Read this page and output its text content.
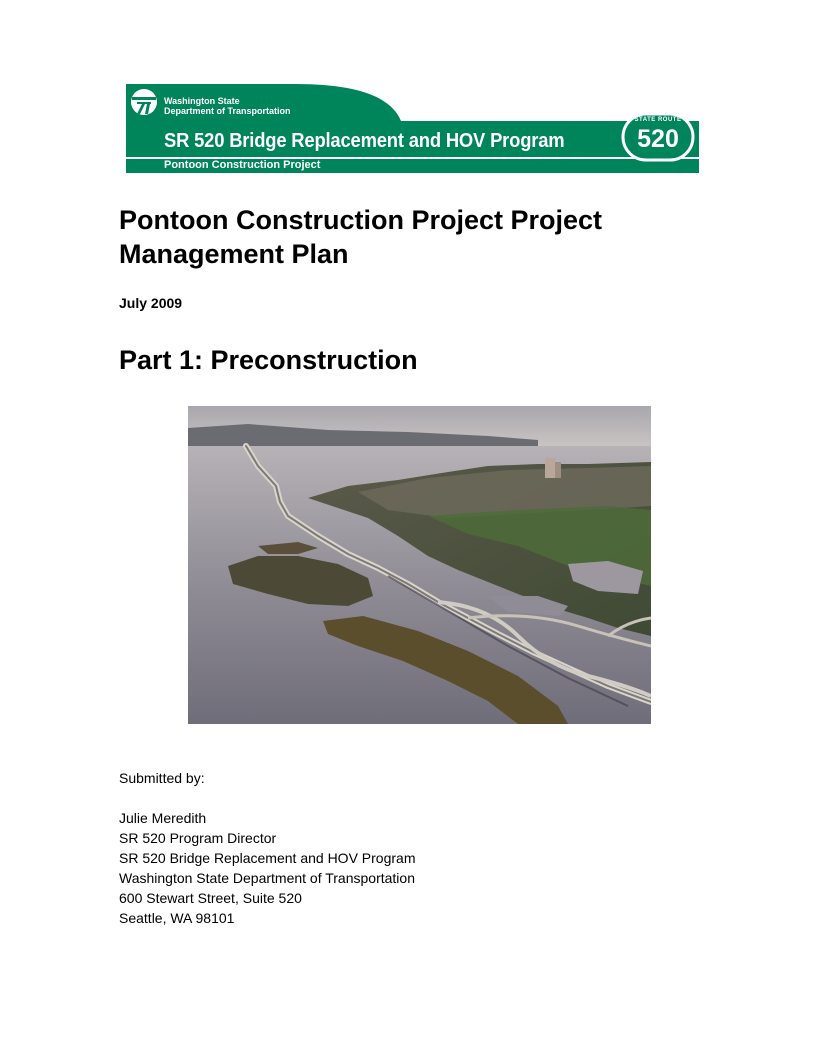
Washington State
Department of Transportation
SR 520 Bridge Replacement and HOV Program
Pontoon Construction Project
STATE ROUTE
520
Pontoon Construction Project Project Management Plan
July 2009
Part 1: Preconstruction
Submitted by:
Julie Meredith
SR 520 Program Director
SR 520 Bridge Replacement and HOV Program
Washington State Department of Transportation
600 Stewart Street, Suite 520
Seattle, WA 98101
